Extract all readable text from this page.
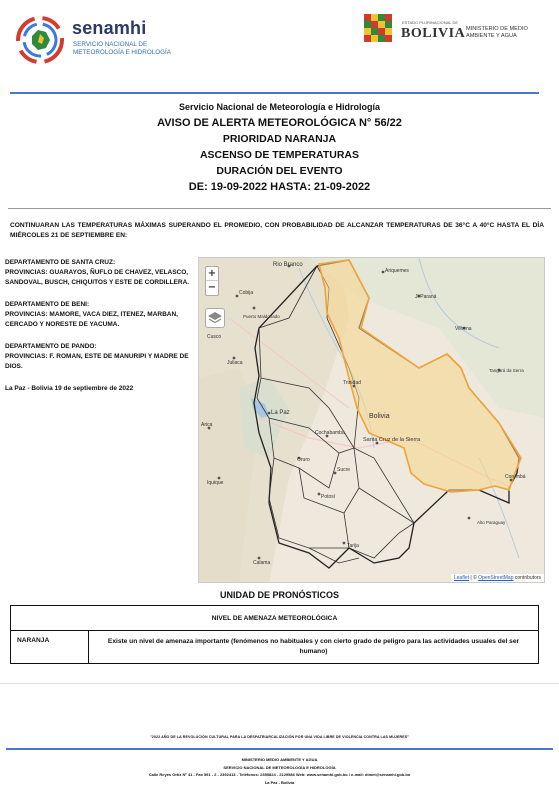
senamhi
SERVICIO NACIONAL DE METEOROLOGÍA E HIDROLOGÍA
ESTADO PLURINACIONAL DE
BOLIVIA MINISTERIO DE MEDIO AMBIENTE Y AGUA
Servicio Nacional de Meteorología e Hidrología
AVISO DE ALERTA METEOROLÓGICA N° 56/22
PRIORIDAD NARANJA
ASCENSO DE TEMPERATURAS
DURACIÓN DEL EVENTO
DE: 19-09-2022 HASTA: 21-09-2022
CONTINUARAN LAS TEMPERATURAS MÁXIMAS SUPERANDO EL PROMEDIO, CON PROBABILIDAD DE ALCANZAR TEMPERATURAS DE 36°C A 40°C HASTA EL DÍA MIÉRCOLES 21 DE SEPTIEMBRE EN:
DEPARTAMENTO DE SANTA CRUZ:
PROVINCIAS: GUARAYOS, ÑUFLO DE CHAVEZ, VELASCO, SANDOVAL, BUSCH, CHIQUITOS Y ESTE DE CORDILLERA.
DEPARTAMENTO DE BENI:
PROVINCIAS: MAMORE, VACA DIEZ, ITENEZ, MARBAN, CERCADO Y NORESTE DE YACUMA.
DEPARTAMENTO DE PANDO:
PROVINCIAS: F. ROMAN, ESTE DE MANURIPI Y MADRE DE DIOS.
La Paz - Bolivia 19 de septiembre de 2022
Rio Branco
Ariquemes
Ji-Paraná
Vilhena
Tangará da Serra
Trinidad
Bolivia
Santa Cruz de la Sierra
Cochabamba
La Paz
Oruro
Sucre
Potosí
Tarija
Corumbá
Arica
Iquique
Calama
Puerto Maldonado
Juliaca
Alto Paraguay
Cusco
Cobija
+
−
Leaflet | © OpenStreetMap contributors
UNIDAD DE PRONÓSTICOS
NIVEL DE AMENAZA METEOROLÓGICA
NARANJA	Existe un nivel de amenaza importante (fenómenos no habituales y con cierto grado de peligro para las actividades usuales del ser humano)
"2022 AÑO DE LA REVOLUCIÓN CULTURAL PARA LA DESPATRIARCALIZACIÓN POR UNA VIDA LIBRE DE VIOLENCIA CONTRA LAS MUJERES"
MINISTERIO MEDIO AMBIENTE Y AGUA
SERVICIO NACIONAL DE METEOROLOGÍA E HIDROLOGÍA
Calle Reyes Ortiz Nº 41 - Fax 591 - 2 - 2392413 - Teléfonos: 2355824 - 2129586 Web: www.senamhi.gob.bo / e-mail: dimet@senamhi.gob.bo
La Paz - Bolivia
